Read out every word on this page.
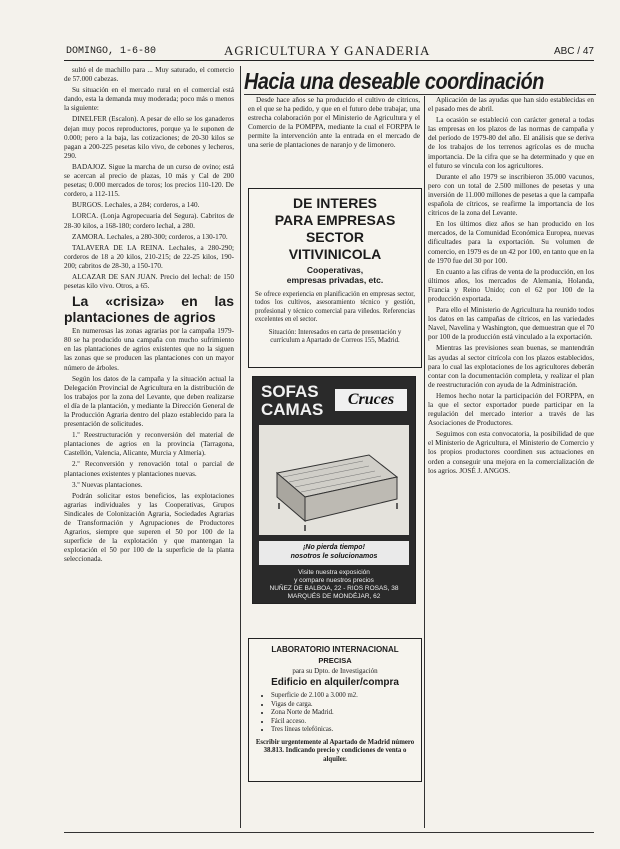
DOMINGO, 1-6-80	AGRICULTURA Y GANADERIA	ABC / 47
Hacia una deseable coordinación

sultó el de machillo para ... Muy saturado, el comercio de 57.000 cabezas.

Su situación en el mercado rural en el comercial está dando, esta la demanda muy moderada; poco más o menos la siguiente:

DINELFER (Escalon). A pesar de ello se los ganaderos dejan muy pocos reproductores, porque ya le suponen de 0.000; pero a la baja, las cotizaciones; de 20-30 kilos se pagan a 200-225 pesetas kilo vivo, de cebones y lecheros, 290.

BADAJOZ. Sigue la marcha de un curso de ovino; está se acercan al precio de plazas, 10 más y Cal de 200 pesetas; 0.000 mercados de toros; los precios 110-120. De cordero, a 112-115.

BURGOS. Lechales, a 284; corderos, a 140.

LORCA. (Lonja Agropecuaria del Segura). Cabritos de 28-30 kilos, a 168-180; cordero lechal, a 280.

ZAMORA. Lechales, a 280-300; corderos, a 130-170.

TALAVERA DE LA REINA. Lechales, a 280-290; corderos de 18 a 20 kilos, 210-215; de 22-25 kilos, 190-200; cabritos de 28-30, a 150-170.

ALCAZAR DE SAN JUAN. Precio del lechal: de 150 pesetas kilo vivo. Otros, a 65.

La «crisiza» en las plantaciones de agrios

En numerosas las zonas agrarias por la campaña 1979-80 se ha producido una campaña con mucho sufrimiento en las plantaciones de agrios existentes que no la siguen las zonas que se producen las plantaciones con un mayor número de árboles.

Según los datos de la campaña y la situación actual la Delegación Provincial de Agricultura en la distribución de los trabajos por la zona del Levante, que deben realizarse el día de la plantación, y mediante la Dirección General de la Producción Agraria dentro del plazo establecido para la presentación de solicitudes.

1.º Reestructuración y reconversión del material de plantaciones de agrios en la provincia (Tarragona, Castellón, Valencia, Alicante, Murcia y Almería).

2.º Reconversión y renovación total o parcial de plantaciones existentes y plantaciones nuevas.

3.º Nuevas plantaciones.

Podrán solicitar estos beneficios, las explotaciones agrarias individuales y las Cooperativas, Grupos Sindicales de Colonización Agraria, Sociedades Agrarias de Transformación y Agrupaciones de Productores Agrarios, siempre que superen el 50 por 100 de la superficie de la explotación y que mantengan la explotación el 50 por 100 de la superficie de la planta seleccionada.

Desde hace años se ha producido el cultivo de cítricos, en el que se ha pedido, y que en el futuro debe trabajar, una estrecha colaboración por el Ministerio de Agricultura y el Comercio de la POMPPA, mediante la cual el FORPPA le permite la intervención ante la entrada en el mercado de una serie de plantaciones de naranjo y de limonero.

DE INTERES
PARA EMPRESAS
SECTOR
VITIVINICOLA
Cooperativas,
empresas privadas, etc.
Se ofrece experiencia en planificación en empresas sector, todos los cultivos, asesoramiento técnico y gestión, profesional y técnico comercial para viñedos. Referencias excelentes en el sector.
Situación: Interesados en carta de presentación y currículum a Apartado de Correos 155, Madrid.
SOFAS
CAMAS
Cruces
¡No pierda tiempo!
nosotros le solucionamos
Visite nuestra exposición
y compare nuestros precios
NUÑEZ DE BALBOA, 22 - RIOS ROSAS, 38
MARQUÉS DE MONDÉJAR, 62
LABORATORIO INTERNACIONAL
PRECISA
para su Dpto. de Investigación
Edificio en alquiler/compra
• Superficie de 2.100 a 3.000 m2.
• Vigas de carga.
• Zona Norte de Madrid.
• Fácil acceso.
• Tres líneas telefónicas.
Escribir urgentemente al Apartado de Madrid número 38.813. Indicando precio y condiciones de venta o alquiler.

Aplicación de las ayudas que han sido establecidas en el pasado mes de abril.

La ocasión se estableció con carácter general a todas las empresas en los plazos de las normas de campaña y del período de 1979-80 del año. El análisis que se deriva de los trabajos de los terrenos agrícolas es de mucha importancia. De la cifra que se ha determinado y que en el futuro se vincula con los agricultores.

Durante el año 1979 se inscribieron 35.000 vacunos, pero con un total de 2.500 millones de pesetas y una inversión de 11.000 millones de pesetas a que la campaña española de cítricos, se reafirme la importancia de los cítricos de la zona del Levante.

En los últimos diez años se han producido en los mercados, de la Comunidad Económica Europea, nuevas dificultades para la exportación. Su volumen de comercio, en 1979 es de un 42 por 100, en tanto que en la de 1970 fue del 30 por 100.

En cuanto a las cifras de venta de la producción, en los últimos años, los mercados de Alemania, Holanda, Francia y Reino Unido; con el 62 por 100 de la producción exportada.

Para ello el Ministerio de Agricultura ha reunido todos los datos en las campañas de cítricos, en las variedades Navel, Navelina y Washington, que demuestran que el 70 por 100 de la producción está vinculado a la exportación.

Mientras las previsiones sean buenas, se mantendrán las ayudas al sector citrícola con los plazos establecidos, para lo cual las explotaciones de los agricultores deberán contar con la documentación completa, y realizar el plan de reestructuración con ayuda de la Administración.

Hemos hecho notar la participación del FORPPA, en la que el sector exportador puede participar en la regulación del mercado interior a través de las Asociaciones de Productores.

Seguimos con esta convocatoria, la posibilidad de que el Ministerio de Agricultura, el Ministerio de Comercio y los propios productores coordinen sus actuaciones en orden a conseguir una mejora en la comercialización de los agrios. JOSÉ J. ANGOS.
